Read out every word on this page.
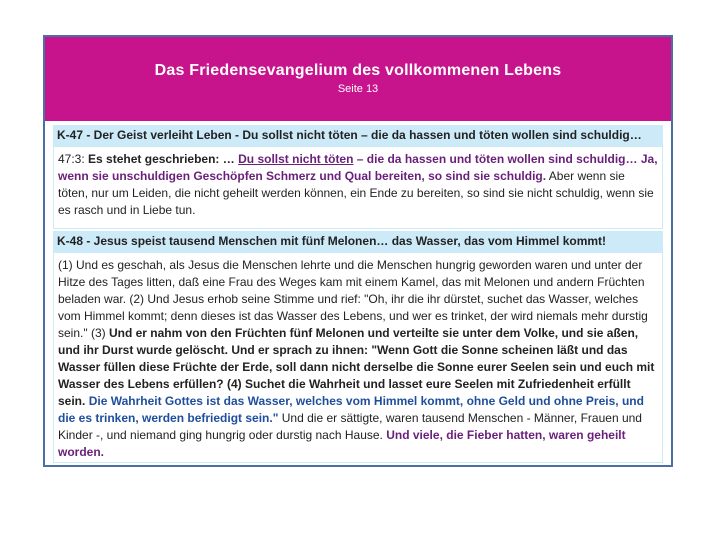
Das Friedensevangelium des vollkommenen Lebens
Seite 13
K-47 - Der Geist verleiht Leben - Du sollst nicht töten – die da hassen und töten wollen sind schuldig…
47:3: Es stehet geschrieben: … Du sollst nicht töten – die da hassen und töten wollen sind schuldig… Ja, wenn sie unschuldigen Geschöpfen Schmerz und Qual bereiten, so sind sie schuldig. Aber wenn sie töten, nur um Leiden, die nicht geheilt werden können, ein Ende zu bereiten, so sind sie nicht schuldig, wenn sie es rasch und in Liebe tun.
K-48 - Jesus speist tausend Menschen mit fünf Melonen… das Wasser, das vom Himmel kommt!
(1) Und es geschah, als Jesus die Menschen lehrte und die Menschen hungrig geworden waren und unter der Hitze des Tages litten, daß eine Frau des Weges kam mit einem Kamel, das mit Melonen und andern Früchten beladen war. (2) Und Jesus erhob seine Stimme und rief: "Oh, ihr die ihr dürstet, suchet das Wasser, welches vom Himmel kommt; denn dieses ist das Wasser des Lebens, und wer es trinket, der wird niemals mehr durstig sein." (3) Und er nahm von den Früchten fünf Melonen und verteilte sie unter dem Volke, und sie aßen, und ihr Durst wurde gelöscht. Und er sprach zu ihnen: "Wenn Gott die Sonne scheinen läßt und das Wasser füllen diese Früchte der Erde, soll dann nicht derselbe die Sonne eurer Seelen sein und euch mit Wasser des Lebens erfüllen? (4) Suchet die Wahrheit und lasset eure Seelen mit Zufriedenheit erfüllt sein. Die Wahrheit Gottes ist das Wasser, welches vom Himmel kommt, ohne Geld und ohne Preis, und die es trinken, werden befriedigt sein." Und die er sättigte, waren tausend Menschen - Männer, Frauen und Kinder -, und niemand ging hungrig oder durstig nach Hause. Und viele, die Fieber hatten, waren geheilt worden.
